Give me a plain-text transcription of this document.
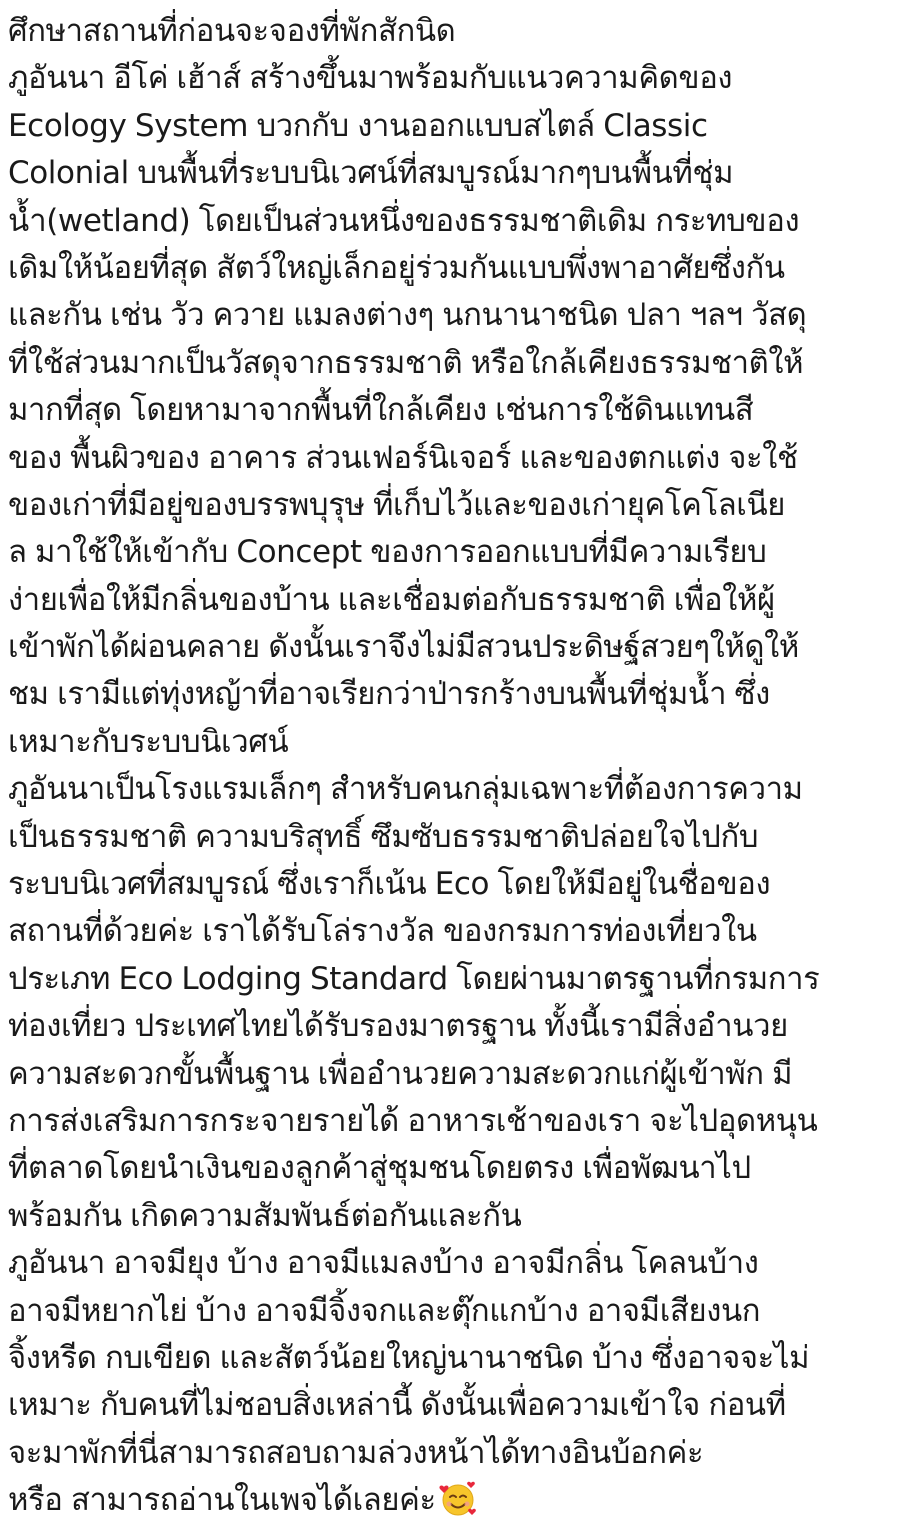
ศึกษาสถานที่ก่อนจะจองที่พักสักนิด
ภูอันนา อีโค่ เฮ้าส์ สร้างขึ้นมาพร้อมกับแนวความคิดของ
Ecology System บวกกับ งานออกแบบสไตล์ Classic
Colonial บนพื้นที่ระบบนิเวศน์ที่สมบูรณ์มากๆบนพื้นที่ชุ่ม
น้ำ(wetland) โดยเป็นส่วนหนึ่งของธรรมชาติเดิม กระทบของ
เดิมให้น้อยที่สุด สัตว์ใหญ่เล็กอยู่ร่วมกันแบบพึ่งพาอาศัยซึ่งกัน
และกัน เช่น วัว ควาย แมลงต่างๆ นกนานาชนิด ปลา ฯลฯ วัสดุ
ที่ใช้ส่วนมากเป็นวัสดุจากธรรมชาติ หรือใกล้เคียงธรรมชาติให้
มากที่สุด โดยหามาจากพื้นที่ใกล้เคียง เช่นการใช้ดินแทนสี
ของ พื้นผิวของ อาคาร ส่วนเฟอร์นิเจอร์ และของตกแต่ง จะใช้
ของเก่าที่มีอยู่ของบรรพบุรุษ ที่เก็บไว้และของเก่ายุคโคโลเนีย
ล มาใช้ให้เข้ากับ Concept ของการออกแบบที่มีความเรียบ
ง่ายเพื่อให้มีกลิ่นของบ้าน และเชื่อมต่อกับธรรมชาติ เพื่อให้ผู้
เข้าพักได้ผ่อนคลาย ดังนั้นเราจึงไม่มีสวนประดิษฐ์สวยๆให้ดูให้
ชม เรามีแต่ทุ่งหญ้าที่อาจเรียกว่าป่ารกร้างบนพื้นที่ชุ่มน้ำ ซึ่ง
เหมาะกับระบบนิเวศน์
ภูอันนาเป็นโรงแรมเล็กๆ สำหรับคนกลุ่มเฉพาะที่ต้องการความ
เป็นธรรมชาติ ความบริสุทธิ์ ซึมซับธรรมชาติปล่อยใจไปกับ
ระบบนิเวศที่สมบูรณ์ ซึ่งเราก็เน้น Eco โดยให้มีอยู่ในชื่อของ
สถานที่ด้วยค่ะ เราได้รับโล่รางวัล ของกรมการท่องเที่ยวใน
ประเภท Eco Lodging Standard โดยผ่านมาตรฐานที่กรมการ
ท่องเที่ยว ประเทศไทยได้รับรองมาตรฐาน ทั้งนี้เรามีสิ่งอำนวย
ความสะดวกขั้นพื้นฐาน เพื่ออำนวยความสะดวกแก่ผู้เข้าพัก มี
การส่งเสริมการกระจายรายได้ อาหารเช้าของเรา จะไปอุดหนุน
ที่ตลาดโดยนำเงินของลูกค้าสู่ชุมชนโดยตรง เพื่อพัฒนาไป
พร้อมกัน เกิดความสัมพันธ์ต่อกันและกัน
ภูอันนา อาจมียุง บ้าง อาจมีแมลงบ้าง อาจมีกลิ่น โคลนบ้าง
อาจมีหยากไย่ บ้าง อาจมีจิ้งจกและตุ๊กแกบ้าง อาจมีเสียงนก
จิ้งหรีด กบเขียด และสัตว์น้อยใหญ่นานาชนิด บ้าง ซึ่งอาจจะไม่
เหมาะ กับคนที่ไม่ชอบสิ่งเหล่านี้ ดังนั้นเพื่อความเข้าใจ ก่อนที่
จะมาพักที่นี่สามารถสอบถามล่วงหน้าได้ทางอินบ้อกค่ะ
หรือ สามารถอ่านในเพจได้เลยค่ะ
